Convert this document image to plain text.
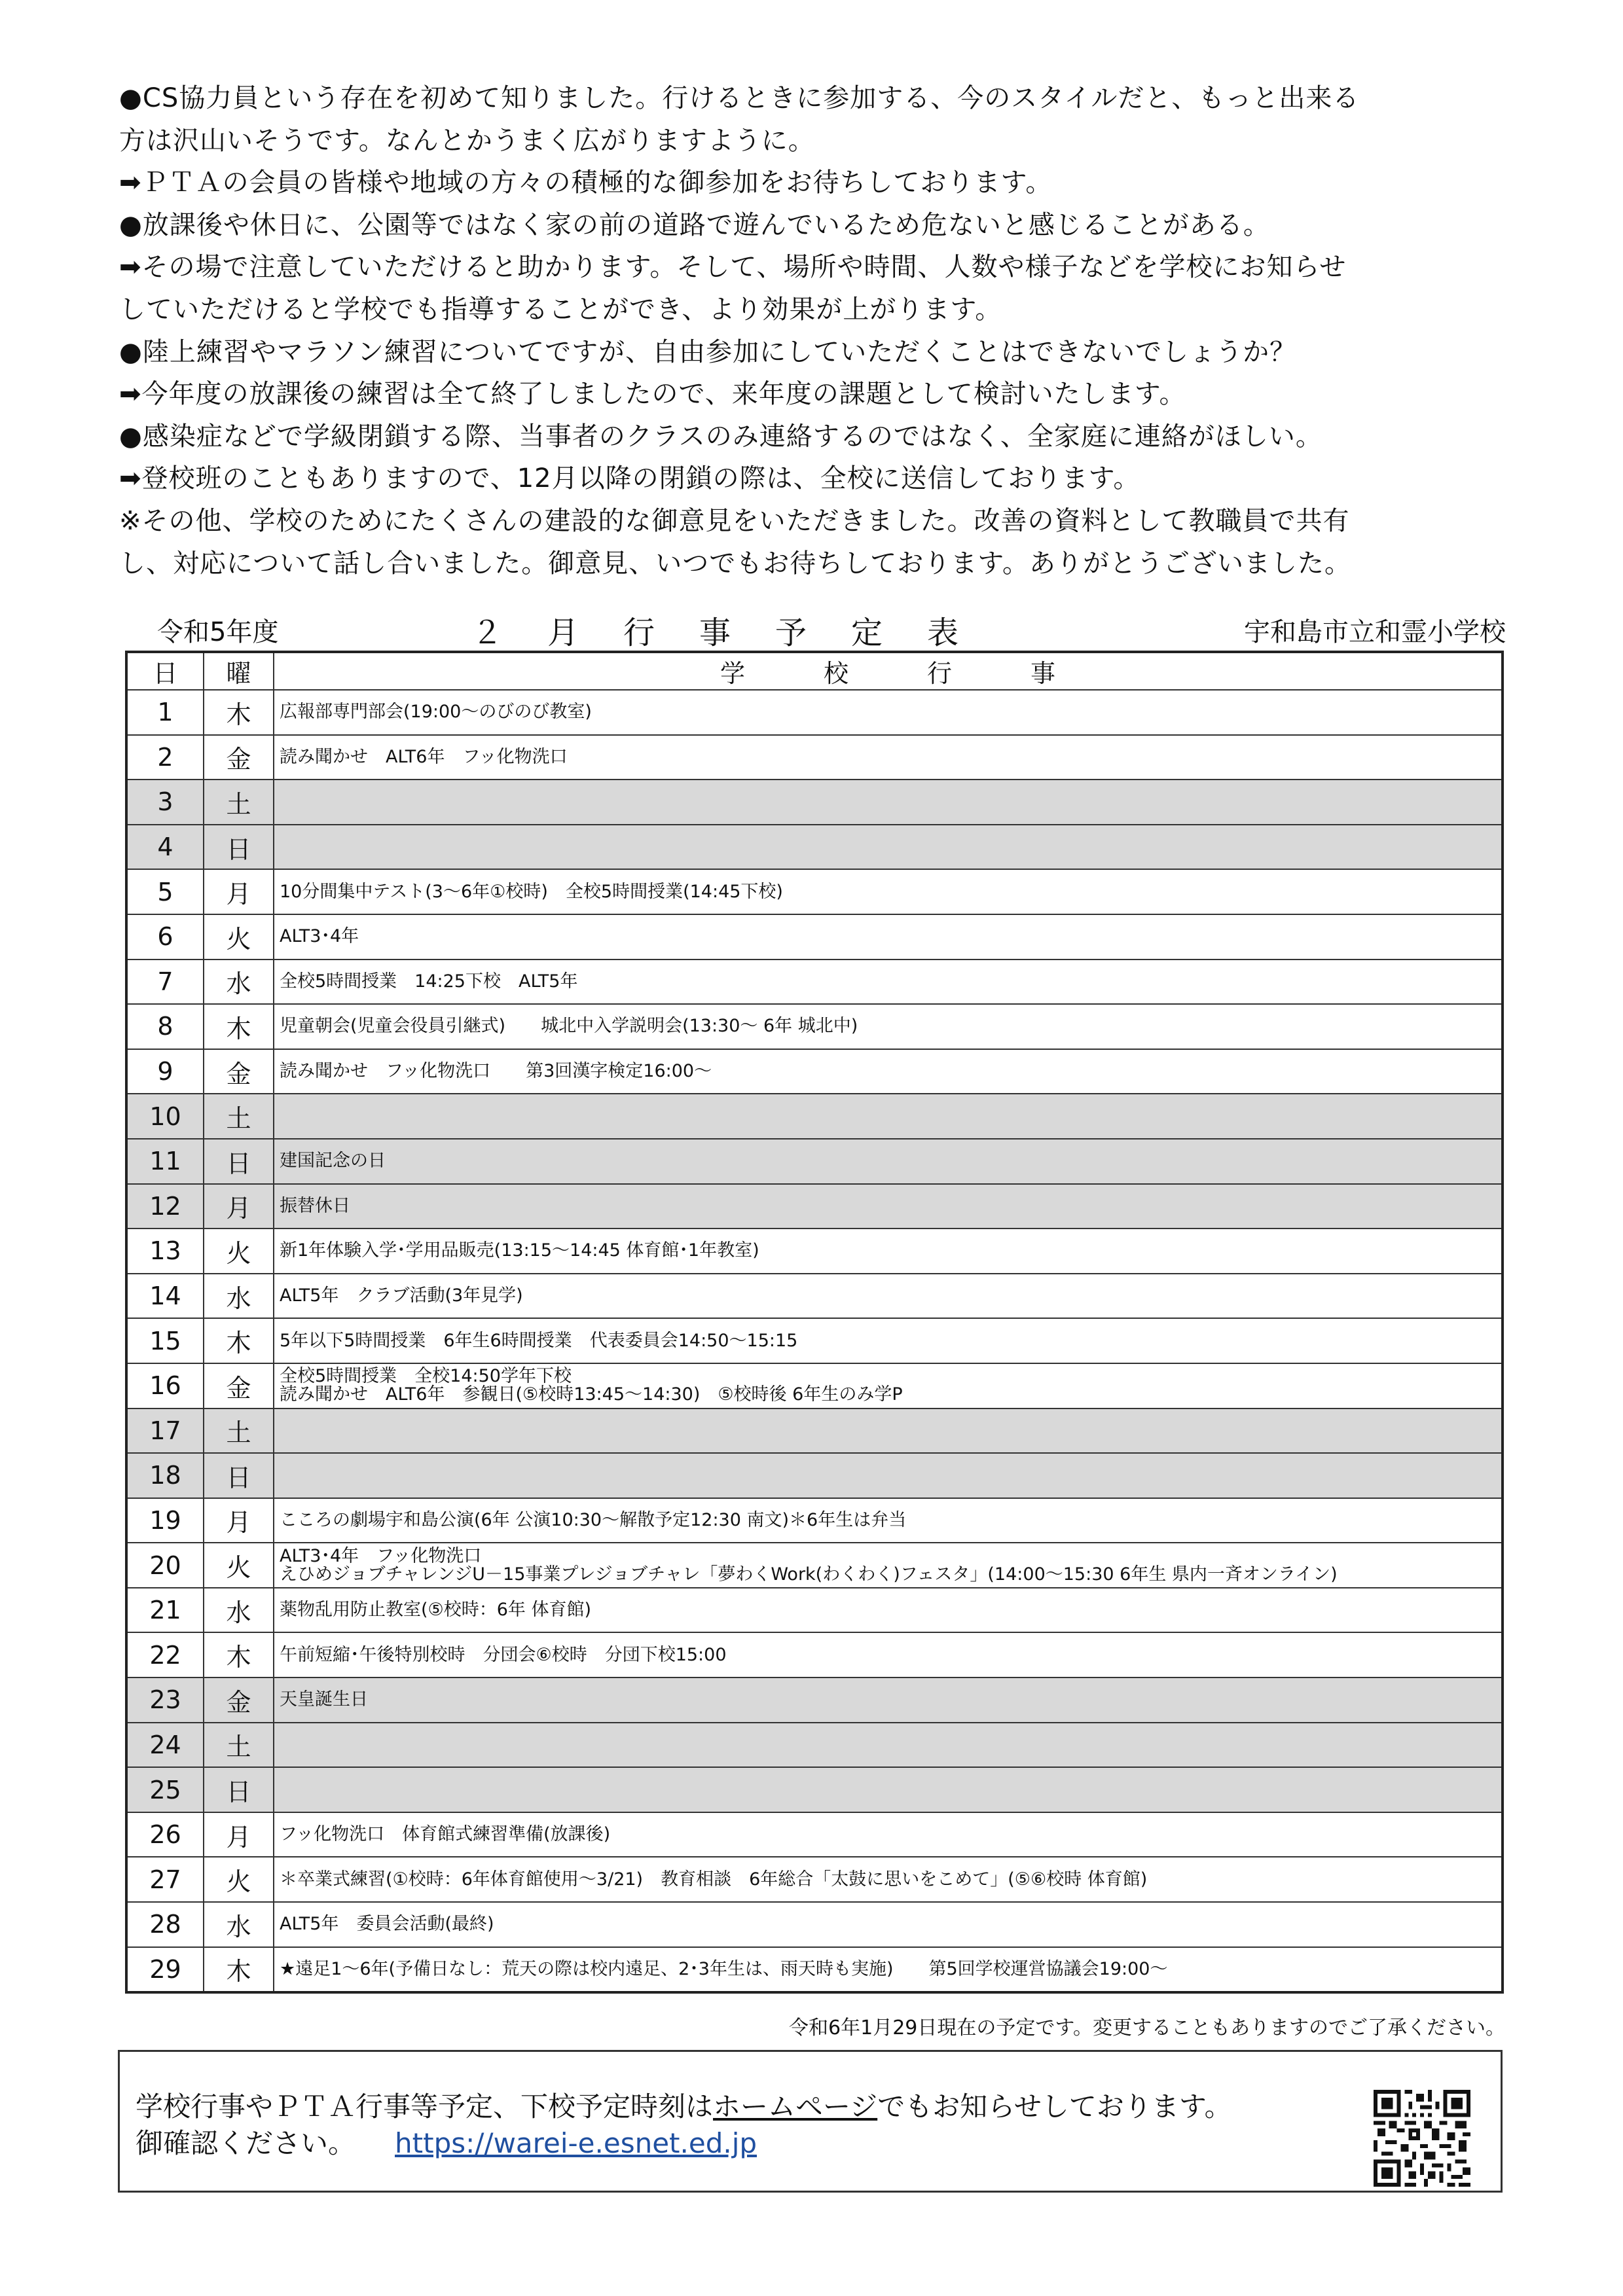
●CS協力員という存在を初めて知りました。行けるときに参加する、今のスタイルだと、もっと出来る
方は沢山いそうです。なんとかうまく広がりますように。
➡ＰＴＡの会員の皆様や地域の方々の積極的な御参加をお待ちしております。
●放課後や休日に、公園等ではなく家の前の道路で遊んでいるため危ないと感じることがある。
➡その場で注意していただけると助かります。そして、場所や時間、人数や様子などを学校にお知らせ
していただけると学校でも指導することができ、より効果が上がります。
●陸上練習やマラソン練習についてですが、自由参加にしていただくことはできないでしょうか？
➡今年度の放課後の練習は全て終了しましたので、来年度の課題として検討いたします。
●感染症などで学級閉鎖する際、当事者のクラスのみ連絡するのではなく、全家庭に連絡がほしい。
➡登校班のこともありますので、12月以降の閉鎖の際は、全校に送信しております。
※その他、学校のためにたくさんの建設的な御意見をいただきました。改善の資料として教職員で共有
し、対応について話し合いました。御意見、いつでもお待ちしております。ありがとうございました。
令和5年度	２　月　行　事　予　定　表	宇和島市立和霊小学校
日	曜	学校行事
1	木	広報部専門部会(19:00～のびのび教室)
2	金	読み聞かせ　ALT6年　フッ化物洗口
3	土	
4	日	
5	月	10分間集中テスト(3～6年①校時)　全校5時間授業(14:45下校)
6	火	ALT3･4年
7	水	全校5時間授業　14:25下校　ALT5年
8	木	児童朝会(児童会役員引継式)　　城北中入学説明会(13:30～ 6年 城北中)
9	金	読み聞かせ　フッ化物洗口　　第3回漢字検定16:00～
10	土	
11	日	建国記念の日
12	月	振替休日
13	火	新1年体験入学･学用品販売(13:15～14:45 体育館･1年教室)
14	水	ALT5年　クラブ活動(3年見学)
15	木	5年以下5時間授業　6年生6時間授業　代表委員会14:50～15:15
16	金	全校5時間授業　全校14:50学年下校
読み聞かせ　ALT6年　参観日(⑤校時13:45～14:30)　⑤校時後 6年生のみ学P
17	土	
18	日	
19	月	こころの劇場宇和島公演(6年 公演10:30～解散予定12:30 南文)＊6年生は弁当
20	火	ALT3･4年　フッ化物洗口
えひめジョブチャレンジU－15事業プレジョブチャレ「夢わくWork(わくわく)フェスタ」(14:00～15:30 6年生 県内一斉オンライン)
21	水	薬物乱用防止教室(⑤校時：6年 体育館)
22	木	午前短縮･午後特別校時　分団会⑥校時　分団下校15:00
23	金	天皇誕生日
24	土	
25	日	
26	月	フッ化物洗口　体育館式練習準備(放課後)
27	火	＊卒業式練習(①校時：6年体育館使用～3/21)　教育相談　6年総合「太鼓に思いをこめて」(⑤⑥校時 体育館)
28	水	ALT5年　委員会活動(最終)
29	木	★遠足1～6年(予備日なし：荒天の際は校内遠足、2･3年生は、雨天時も実施)　　第5回学校運営協議会19:00～
令和6年1月29日現在の予定です。変更することもありますのでご了承ください。
学校行事やＰＴＡ行事等予定、下校予定時刻はホームページでもお知らせしております。
御確認ください。 https://warei-e.esnet.ed.jp
